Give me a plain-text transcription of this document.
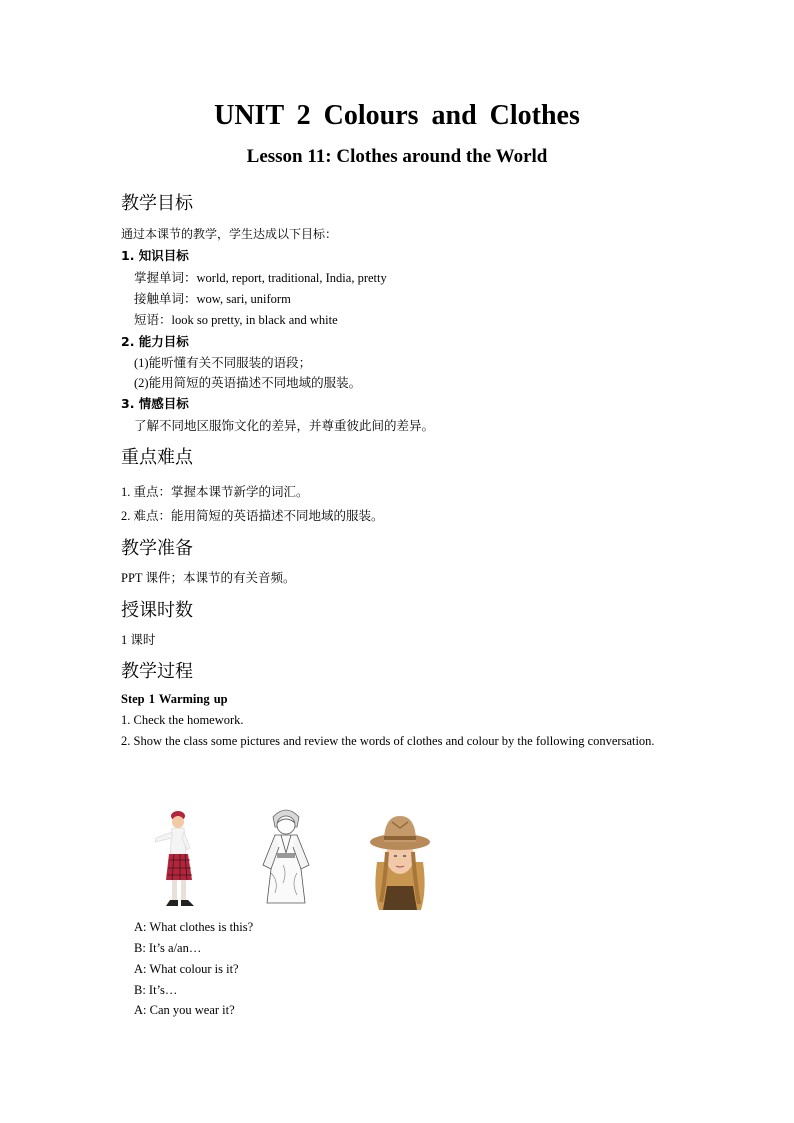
UNIT 2 Colours and Clothes
Lesson 11: Clothes around the World
教学目标

通过本课节的教学，学生达成以下目标：

1. 知识目标

掌握单词：world, report, traditional, India, pretty

接触单词：wow, sari, uniform

短语：look so pretty, in black and white

2. 能力目标

(1)能听懂有关不同服装的语段；

(2)能用简短的英语描述不同地域的服装。

3. 情感目标

了解不同地区服饰文化的差异，并尊重彼此间的差异。

重点难点

1. 重点：掌握本课节新学的词汇。

2. 难点：能用简短的英语描述不同地域的服装。

教学准备

PPT 课件；本课节的有关音频。

授课时数

1 课时

教学过程

Step 1 Warming up

1. Check the homework.

2. Show the class some pictures and review the words of clothes and colour by the following conversation.

A: What clothes is this?

B: It’s a/an…

A: What colour is it?

B: It’s…

A: Can you wear it?
